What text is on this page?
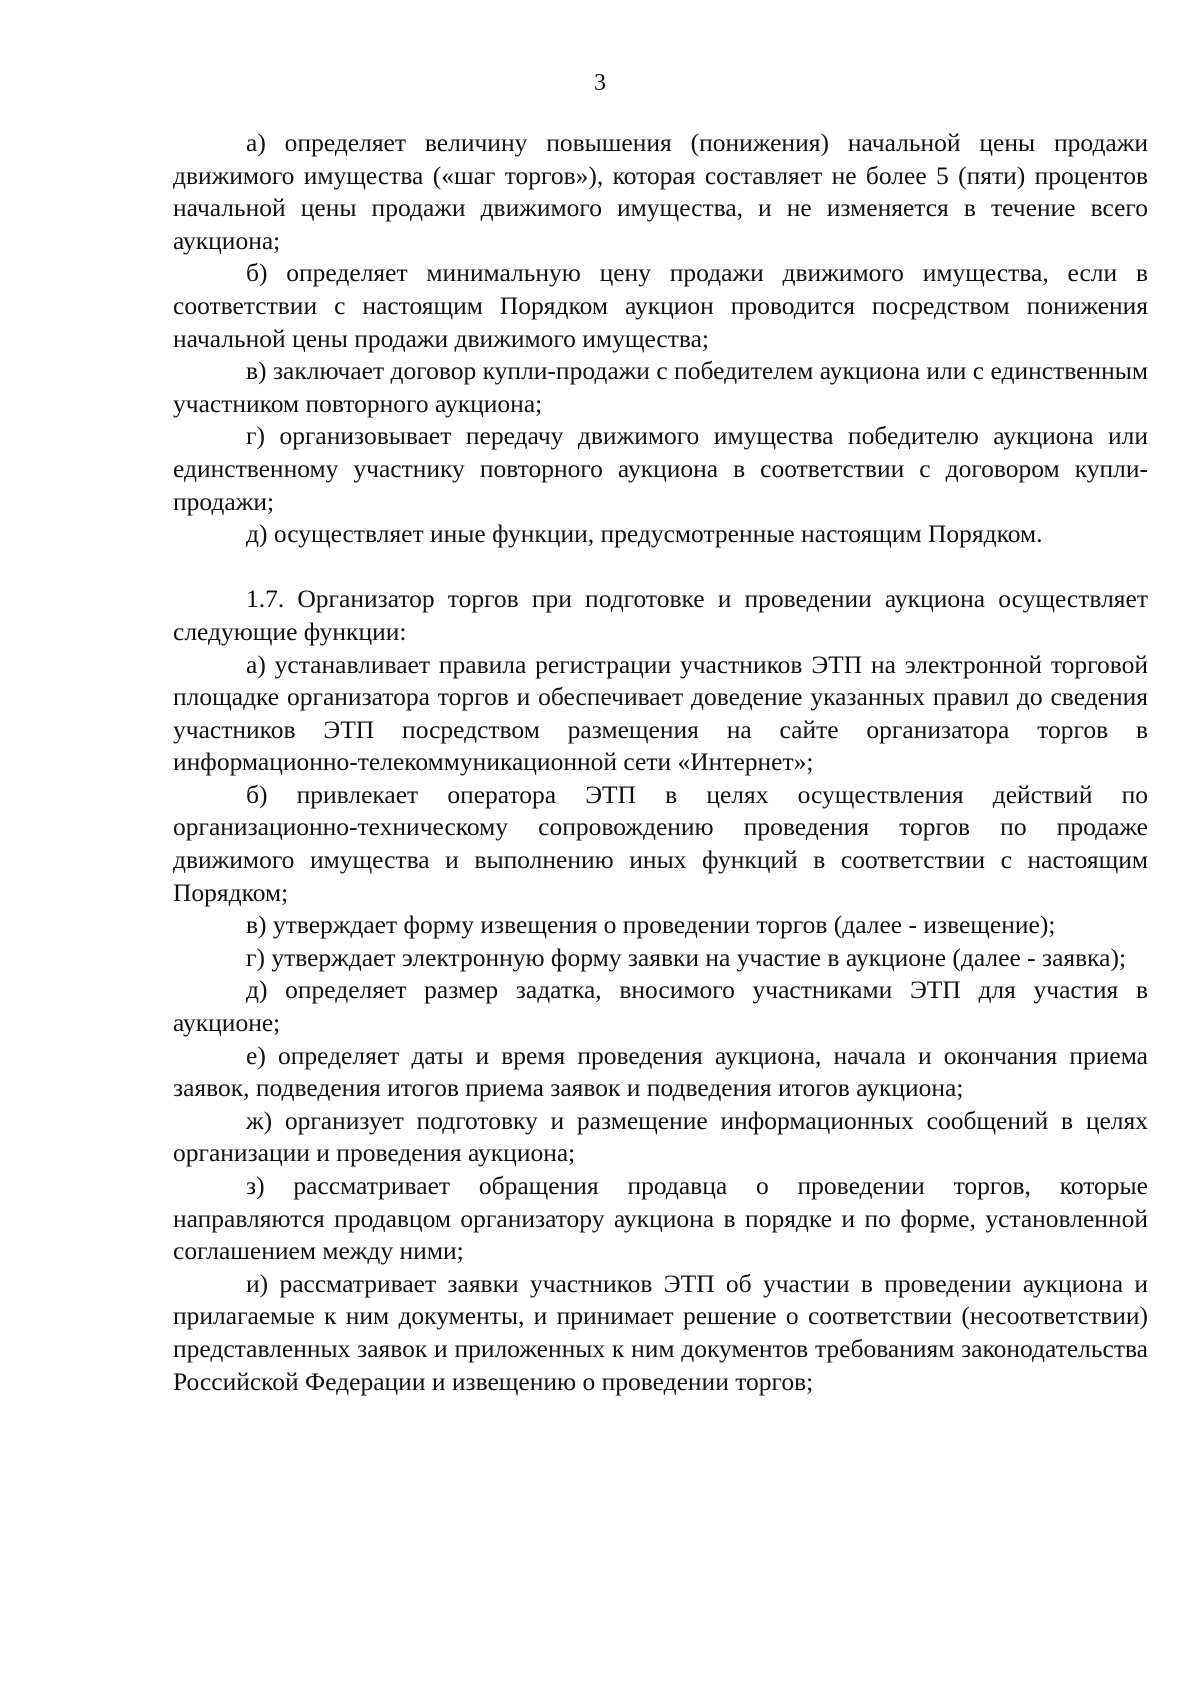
3

а) определяет величину повышения (понижения) начальной цены продажи движимого имущества («шаг торгов»), которая составляет не более 5 (пяти) процентов начальной цены продажи движимого имущества, и не изменяется в течение всего аукциона;

б) определяет минимальную цену продажи движимого имущества, если в соответствии с настоящим Порядком аукцион проводится посредством понижения начальной цены продажи движимого имущества;

в) заключает договор купли-продажи с победителем аукциона или с единственным участником повторного аукциона;

г) организовывает передачу движимого имущества победителю аукциона или единственному участнику повторного аукциона в соответствии с договором купли-продажи;

д) осуществляет иные функции, предусмотренные настоящим Порядком.

1.7. Организатор торгов при подготовке и проведении аукциона осуществляет следующие функции:

а) устанавливает правила регистрации участников ЭТП на электронной торговой площадке организатора торгов и обеспечивает доведение указанных правил до сведения участников ЭТП посредством размещения на сайте организатора торгов в информационно-телекоммуникационной сети «Интернет»;

б) привлекает оператора ЭТП в целях осуществления действий по организационно-техническому сопровождению проведения торгов по продаже движимого имущества и выполнению иных функций в соответствии с настоящим Порядком;

в) утверждает форму извещения о проведении торгов (далее - извещение);

г) утверждает электронную форму заявки на участие в аукционе (далее - заявка);

д) определяет размер задатка, вносимого участниками ЭТП для участия в аукционе;

е) определяет даты и время проведения аукциона, начала и окончания приема заявок, подведения итогов приема заявок и подведения итогов аукциона;

ж) организует подготовку и размещение информационных сообщений в целях организации и проведения аукциона;

з) рассматривает обращения продавца о проведении торгов, которые направляются продавцом организатору аукциона в порядке и по форме, установленной соглашением между ними;

и) рассматривает заявки участников ЭТП об участии в проведении аукциона и прилагаемые к ним документы, и принимает решение о соответствии (несоответствии) представленных заявок и приложенных к ним документов требованиям законодательства Российской Федерации и извещению о проведении торгов;
